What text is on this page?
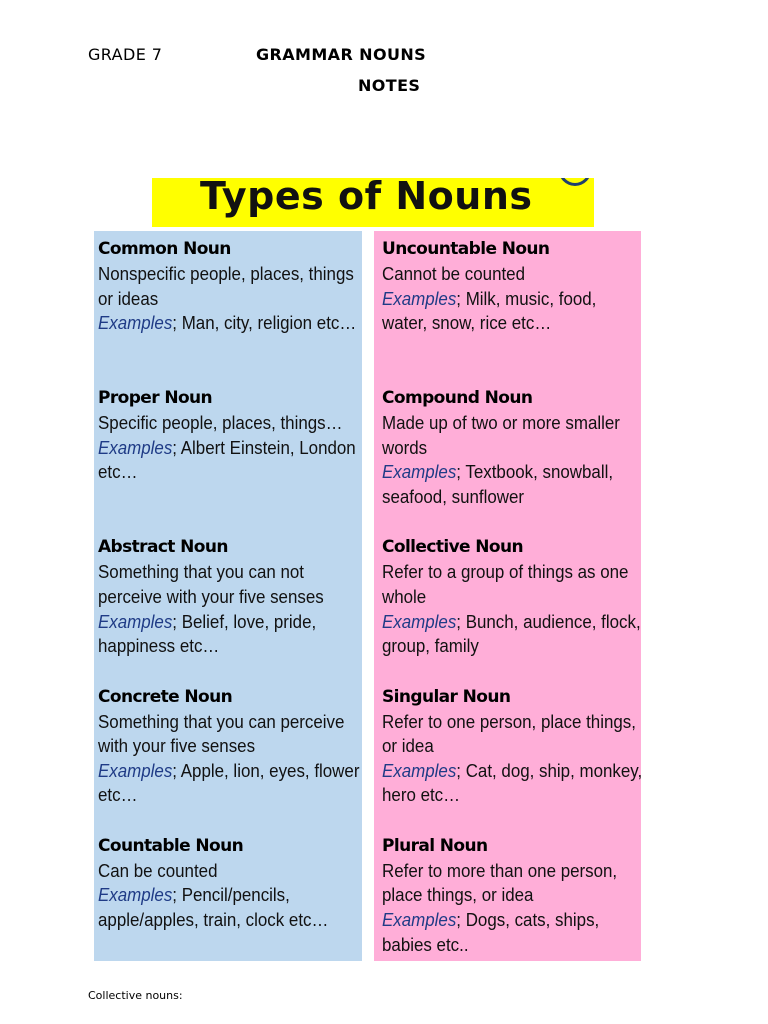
GRADE 7	GRAMMAR NOUNS
NOTES
Types of Nouns
Common Noun

Nonspecific people, places, things or ideas
Examples; Man, city, religion etc…

Proper Noun

Specific people, places, things…
Examples; Albert Einstein, London etc…

Abstract Noun

Something that you can not perceive with your five senses
Examples; Belief, love, pride, happiness etc…

Concrete Noun

Something that you can perceive with your five senses
Examples; Apple, lion, eyes, flower etc…

Countable Noun

Can be counted
Examples; Pencil/pencils, apple/apples, train, clock etc…

Uncountable Noun

Cannot be counted
Examples; Milk, music, food, water, snow, rice etc…

Compound Noun

Made up of two or more smaller words
Examples; Textbook, snowball, seafood, sunflower

Collective Noun

Refer to a group of things as one whole
Examples; Bunch, audience, flock, group, family

Singular Noun

Refer to one person, place things, or idea
Examples; Cat, dog, ship, monkey, hero etc…

Plural Noun

Refer to more than one person, place things, or idea
Examples; Dogs, cats, ships, babies etc..

Collective nouns:
